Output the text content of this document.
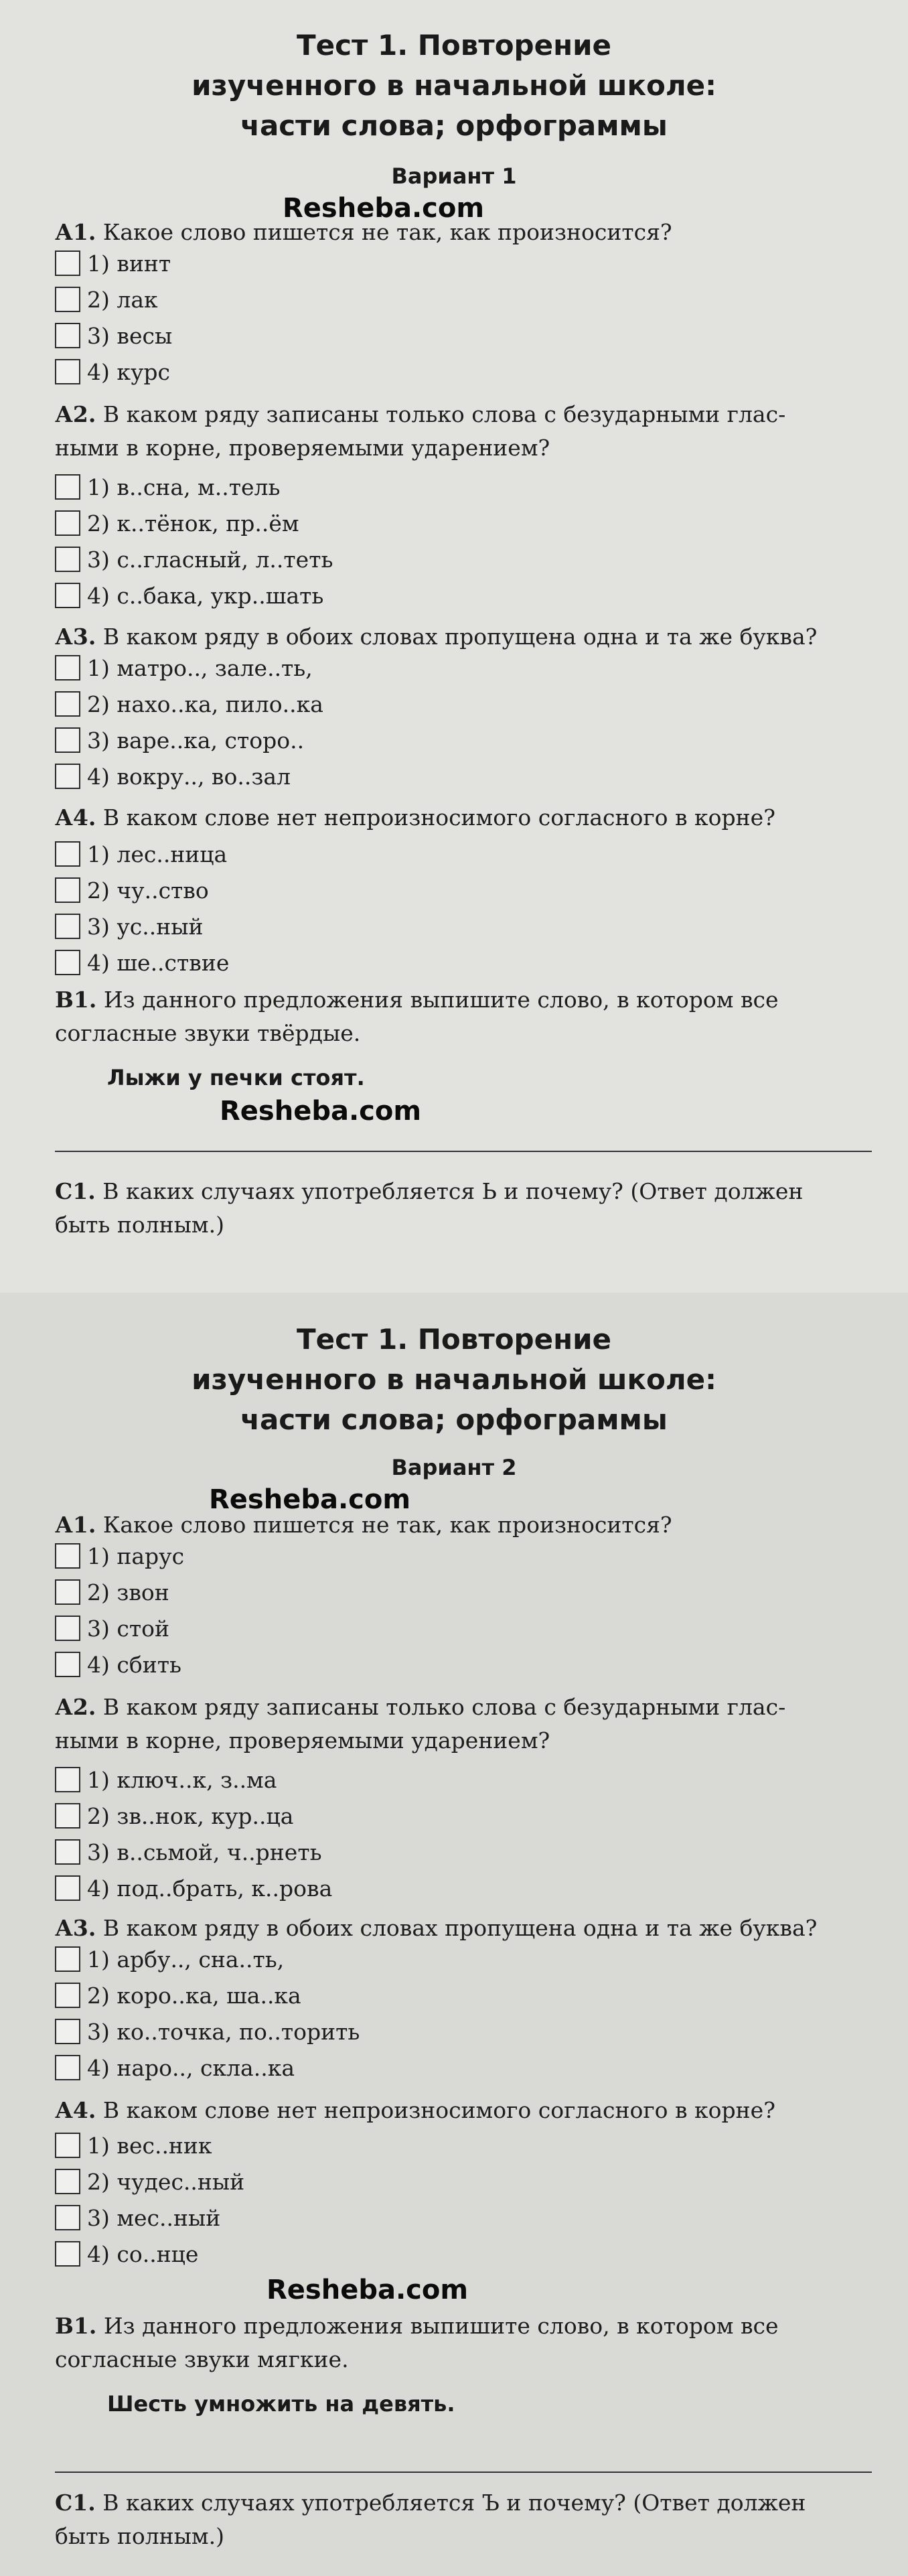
Тест 1. Повторение
изученного в начальной школе:
части слова; орфограммы
Вариант 1
Resheba.com
А1. Какое слово пишется не так, как произносится?
1) винт
2) лак
3) весы
4) курс
А2. В каком ряду записаны только слова с безударными глас-
ными в корне, проверяемыми ударением?
1) в..сна, м..тель
2) к..тёнок, пр..ём
3) с..гласный, л..теть
4) с..бака, укр..шать
А3. В каком ряду в обоих словах пропущена одна и та же буква?
1) матро.., зале..ть,
2) нахо..ка, пило..ка
3) варе..ка, сторо..
4) вокру.., во..зал
А4. В каком слове нет непроизносимого согласного в корне?
1) лес..ница
2) чу..ство
3) ус..ный
4) ше..ствие
В1. Из данного предложения выпишите слово, в котором все
согласные звуки твёрдые.
Лыжи у печки стоят.
Resheba.com
С1. В каких случаях употребляется Ь и почему? (Ответ должен
быть полным.)
Тест 1. Повторение
изученного в начальной школе:
части слова; орфограммы
Вариант 2
Resheba.com
А1. Какое слово пишется не так, как произносится?
1) парус
2) звон
3) стой
4) сбить
А2. В каком ряду записаны только слова с безударными глас-
ными в корне, проверяемыми ударением?
1) ключ..к, з..ма
2) зв..нок, кур..ца
3) в..сьмой, ч..рнеть
4) под..брать, к..рова
А3. В каком ряду в обоих словах пропущена одна и та же буква?
1) арбу.., сна..ть,
2) коро..ка, ша..ка
3) ко..точка, по..торить
4) наро.., скла..ка
А4. В каком слове нет непроизносимого согласного в корне?
1) вес..ник
2) чудес..ный
3) мес..ный
4) со..нце
Resheba.com
В1. Из данного предложения выпишите слово, в котором все
согласные звуки мягкие.
Шесть умножить на девять.
С1. В каких случаях употребляется Ъ и почему? (Ответ должен
быть полным.)
